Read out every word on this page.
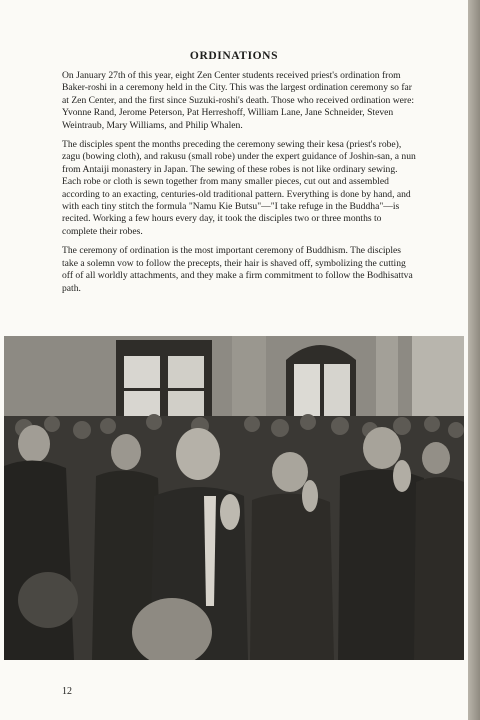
ORDINATIONS

On January 27th of this year, eight Zen Center students received priest's ordination from Baker-roshi in a ceremony held in the City. This was the largest ordination ceremony so far at Zen Center, and the first since Suzuki-roshi's death. Those who received ordination were: Yvonne Rand, Jerome Peterson, Pat Herreshoff, William Lane, Jane Schneider, Steven Weintraub, Mary Williams, and Philip Whalen.

The disciples spent the months preceding the ceremony sewing their kesa (priest's robe), zagu (bowing cloth), and rakusu (small robe) under the expert guidance of Joshin-san, a nun from Antaiji monastery in Japan. The sewing of these robes is not like ordinary sewing. Each robe or cloth is sewn together from many smaller pieces, cut out and assembled according to an exacting, centuries-old traditional pattern. Everything is done by hand, and with each tiny stitch the formula "Namu Kie Butsu"—"I take refuge in the Buddha"—is recited. Working a few hours every day, it took the disciples two or three months to complete their robes.

The ceremony of ordination is the most important ceremony of Buddhism. The disciples take a solemn vow to follow the precepts, their hair is shaved off, symbolizing the cutting off of all worldly attachments, and they make a firm commitment to follow the Bodhisattva path.

12
